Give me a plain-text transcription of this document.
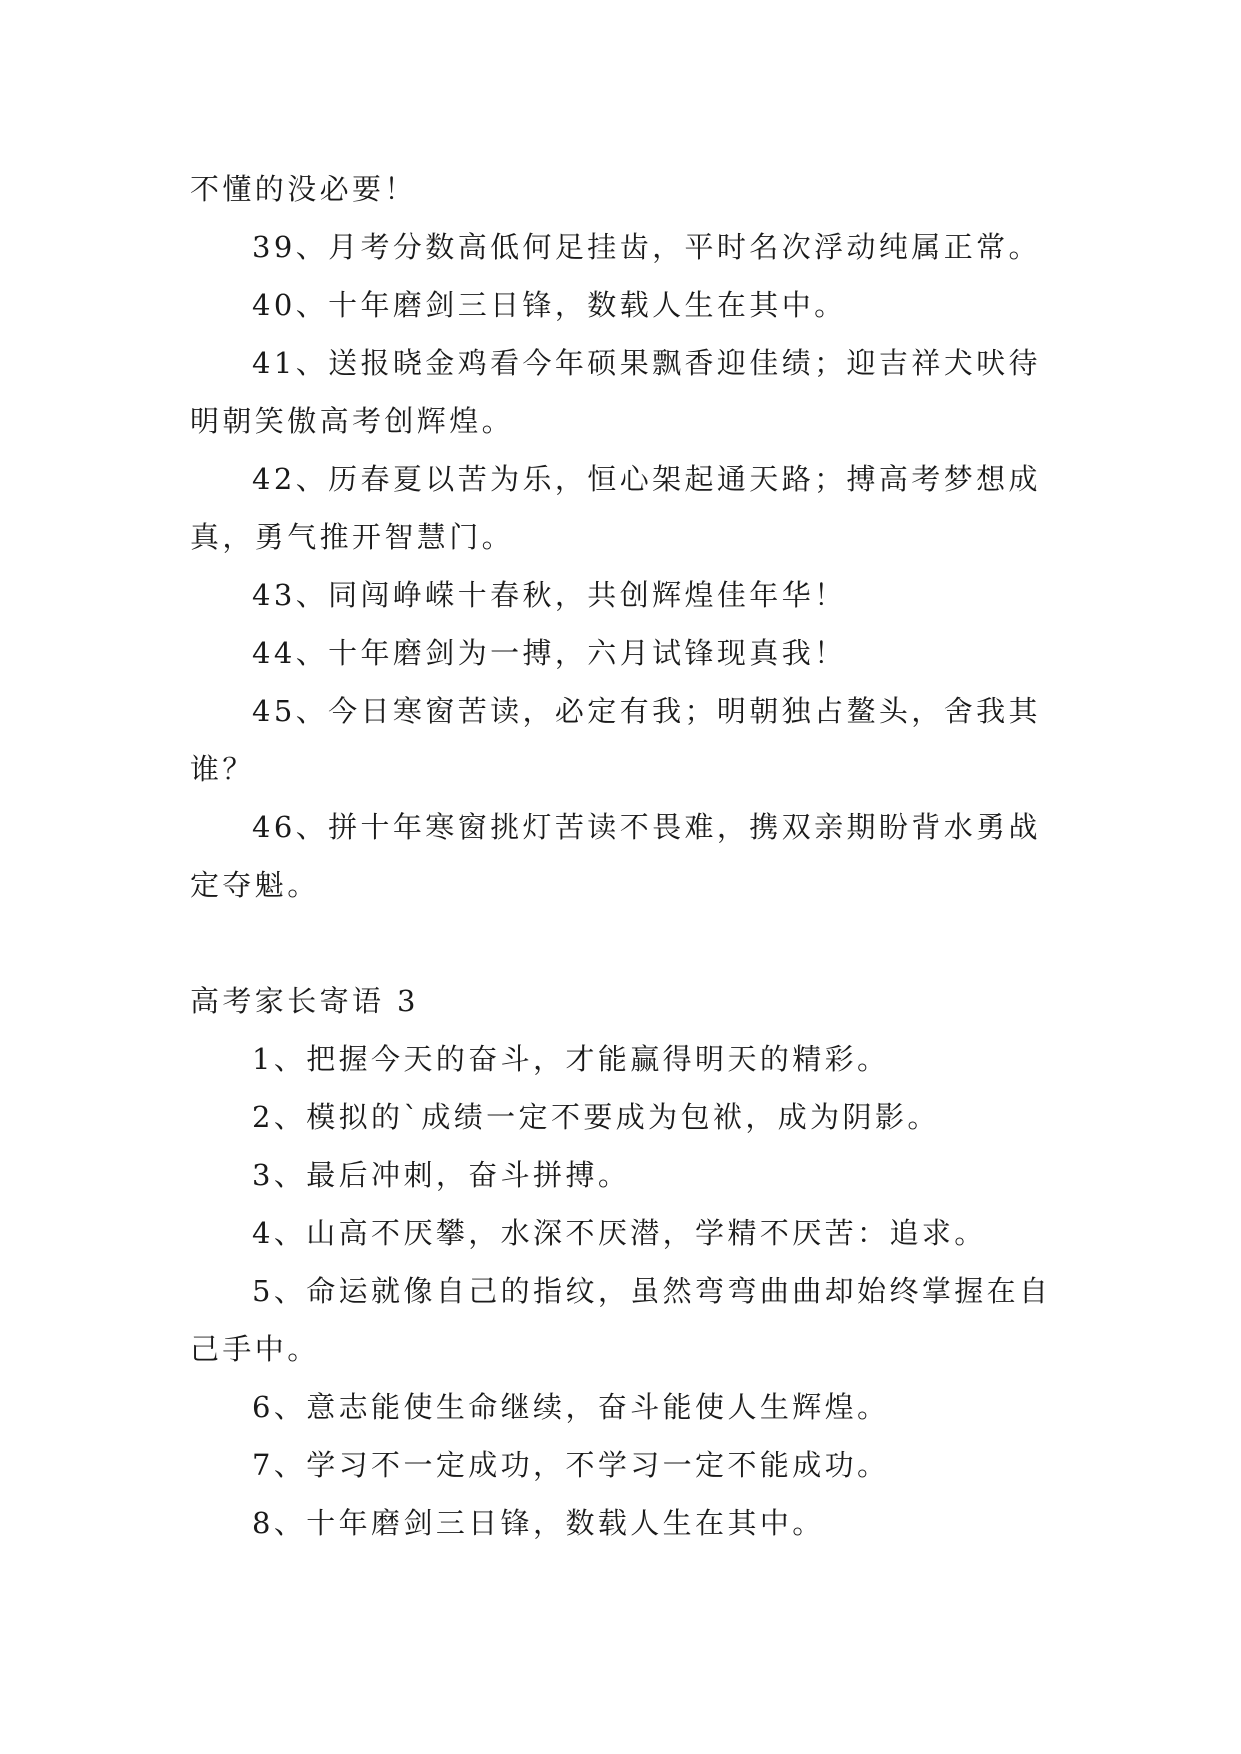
不懂的没必要！

39、月考分数高低何足挂齿，平时名次浮动纯属正常。

40、十年磨剑三日锋，数载人生在其中。

41、送报晓金鸡看今年硕果飘香迎佳绩；迎吉祥犬吠待明朝笑傲高考创辉煌。

42、历春夏以苦为乐，恒心架起通天路；搏高考梦想成真，勇气推开智慧门。

43、同闯峥嵘十春秋，共创辉煌佳年华！

44、十年磨剑为一搏，六月试锋现真我！

45、今日寒窗苦读，必定有我；明朝独占鳌头，舍我其谁？

46、拼十年寒窗挑灯苦读不畏难，携双亲期盼背水勇战定夺魁。

高考家长寄语 3

1、把握今天的奋斗，才能赢得明天的精彩。

2、模拟的`成绩一定不要成为包袱，成为阴影。

3、最后冲刺，奋斗拼搏。

4、山高不厌攀，水深不厌潜，学精不厌苦：追求。

5、命运就像自己的指纹，虽然弯弯曲曲却始终掌握在自己手中。

6、意志能使生命继续，奋斗能使人生辉煌。

7、学习不一定成功，不学习一定不能成功。

8、十年磨剑三日锋，数载人生在其中。
